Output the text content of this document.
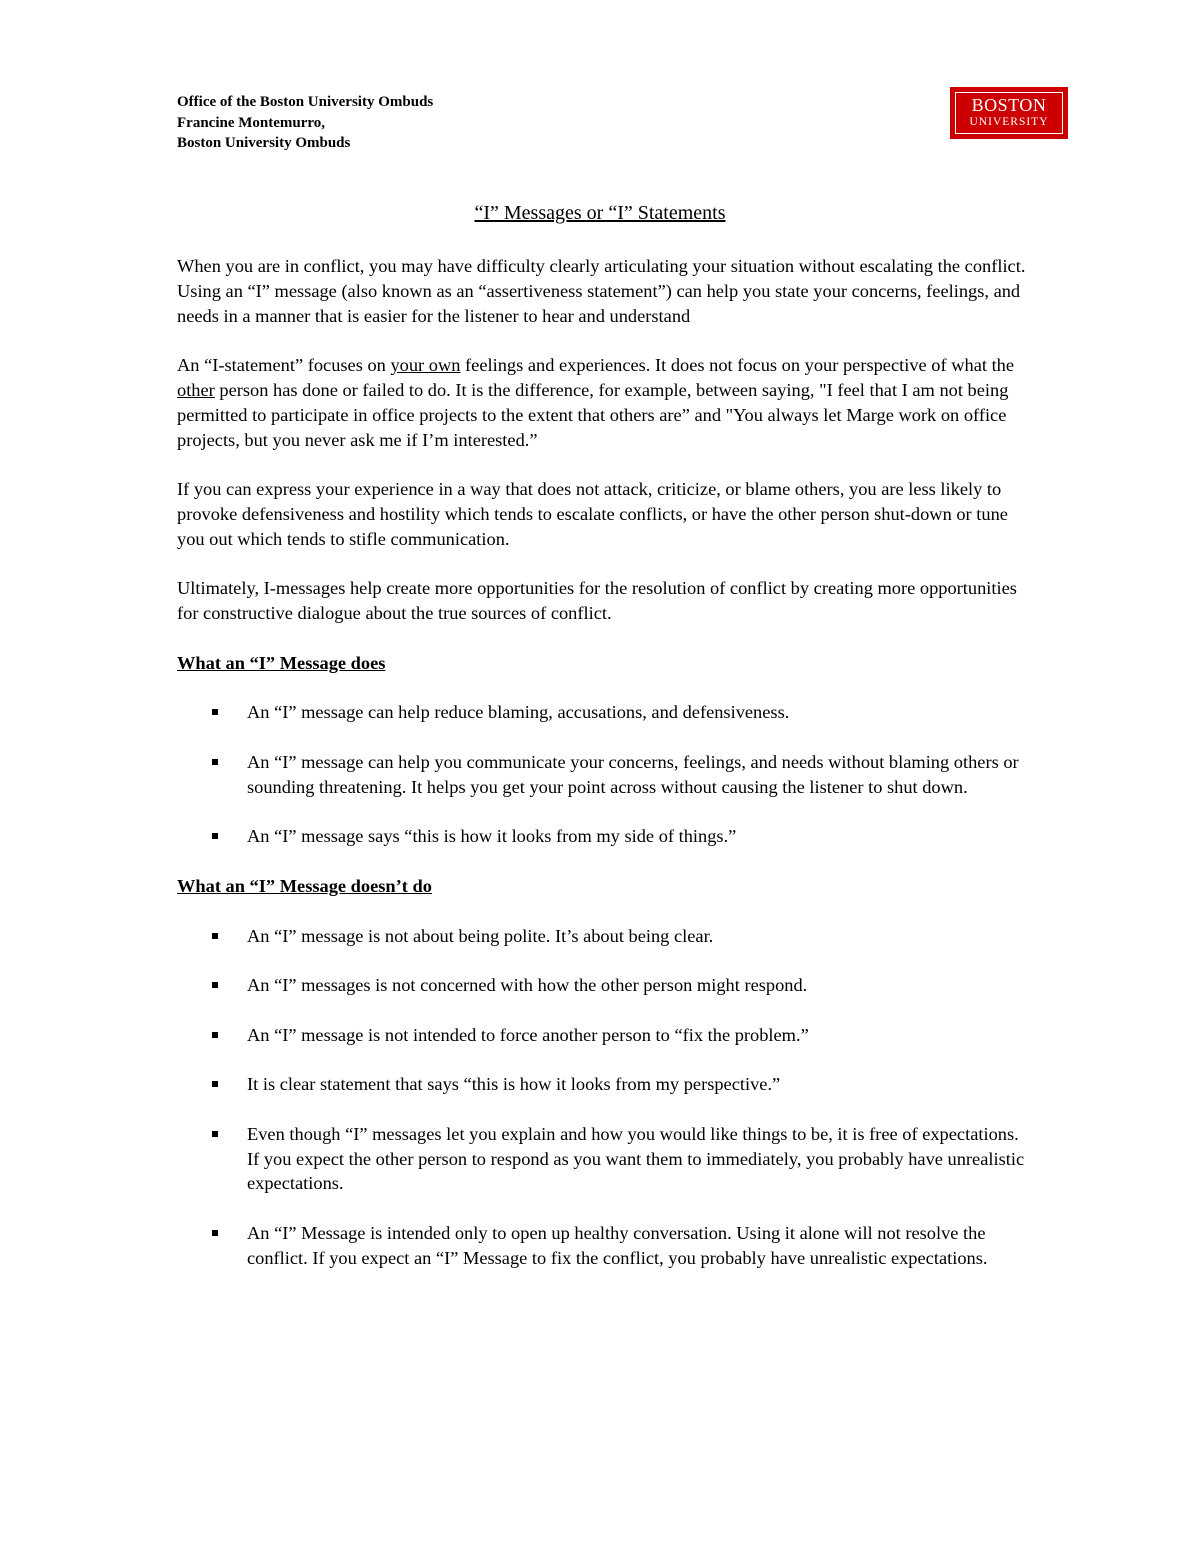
Office of the Boston University Ombuds
Francine Montemurro,
Boston University Ombuds
BOSTON
UNIVERSITY
“I” Messages or “I” Statements

When you are in conflict, you may have difficulty clearly articulating your situation without escalating the conflict. Using an “I” message (also known as an “assertiveness statement”) can help you state your concerns, feelings, and needs in a manner that is easier for the listener to hear and understand

An “I-statement” focuses on your own feelings and experiences. It does not focus on your perspective of what the other person has done or failed to do. It is the difference, for example, between saying, "I feel that I am not being permitted to participate in office projects to the extent that others are” and "You always let Marge work on office projects, but you never ask me if I’m interested.”

If you can express your experience in a way that does not attack, criticize, or blame others, you are less likely to provoke defensiveness and hostility which tends to escalate conflicts, or have the other person shut-down or tune you out which tends to stifle communication.

Ultimately, I-messages help create more opportunities for the resolution of conflict by creating more opportunities for constructive dialogue about the true sources of conflict.

What an “I” Message does
An “I” message can help reduce blaming, accusations, and defensiveness.
An “I” message can help you communicate your concerns, feelings, and needs without blaming others or sounding threatening. It helps you get your point across without causing the listener to shut down.
An “I” message says “this is how it looks from my side of things.”
What an “I” Message doesn’t do
An “I” message is not about being polite. It’s about being clear.
An “I” messages is not concerned with how the other person might respond.
An “I” message is not intended to force another person to “fix the problem.”
It is clear statement that says “this is how it looks from my perspective.”
Even though “I” messages let you explain and how you would like things to be, it is free of expectations. If you expect the other person to respond as you want them to immediately, you probably have unrealistic expectations.
An “I” Message is intended only to open up healthy conversation. Using it alone will not resolve the conflict. If you expect an “I” Message to fix the conflict, you probably have unrealistic expectations.
